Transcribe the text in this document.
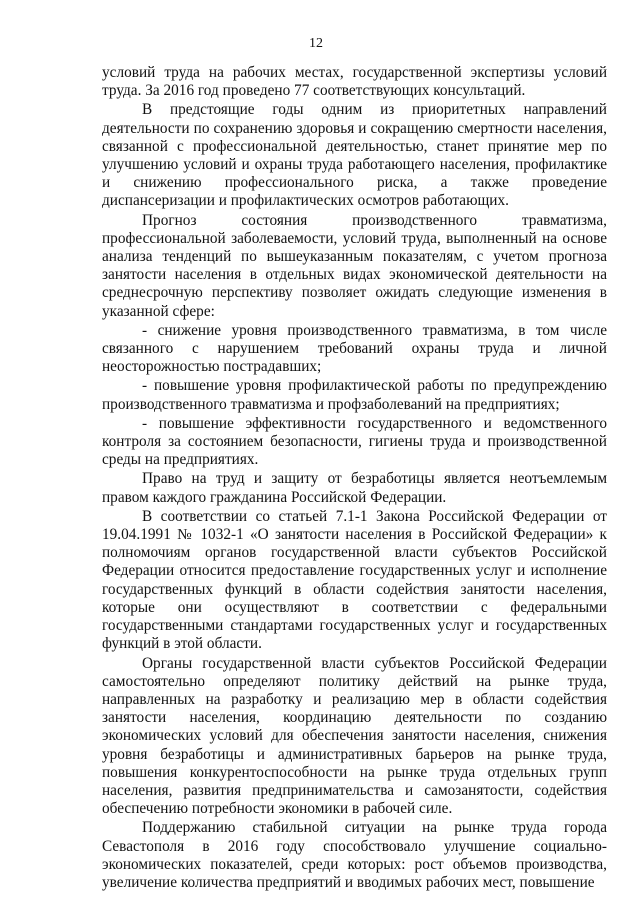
12

условий труда на рабочих местах, государственной экспертизы условий труда. За 2016 год проведено 77 соответствующих консультаций.

В предстоящие годы одним из приоритетных направлений деятельности по сохранению здоровья и сокращению смертности населения, связанной с профессиональной деятельностью, станет принятие мер по улучшению условий и охраны труда работающего населения, профилактике и снижению профессионального риска, а также проведение диспансеризации и профилактических осмотров работающих.

Прогноз состояния производственного травматизма, профессиональной заболеваемости, условий труда, выполненный на основе анализа тенденций по вышеуказанным показателям, с учетом прогноза занятости населения в отдельных видах экономической деятельности на среднесрочную перспективу позволяет ожидать следующие изменения в указанной сфере:

- снижение уровня производственного травматизма, в том числе связанного с нарушением требований охраны труда и личной неосторожностью пострадавших;

- повышение уровня профилактической работы по предупреждению производственного травматизма и профзаболеваний на предприятиях;

- повышение эффективности государственного и ведомственного контроля за состоянием безопасности, гигиены труда и производственной среды на предприятиях.

Право на труд и защиту от безработицы является неотъемлемым правом каждого гражданина Российской Федерации.

В соответствии со статьей 7.1-1 Закона Российской Федерации от 19.04.1991 № 1032-1 «О занятости населения в Российской Федерации» к полномочиям органов государственной власти субъектов Российской Федерации относится предоставление государственных услуг и исполнение государственных функций в области содействия занятости населения, которые они осуществляют в соответствии с федеральными государственными стандартами государственных услуг и государственных функций в этой области.

Органы государственной власти субъектов Российской Федерации самостоятельно определяют политику действий на рынке труда, направленных на разработку и реализацию мер в области содействия занятости населения, координацию деятельности по созданию экономических условий для обеспечения занятости населения, снижения уровня безработицы и административных барьеров на рынке труда, повышения конкурентоспособности на рынке труда отдельных групп населения, развития предпринимательства и самозанятости, содействия обеспечению потребности экономики в рабочей силе.

Поддержанию стабильной ситуации на рынке труда города Севастополя в 2016 году способствовало улучшение социально-экономических показателей, среди которых: рост объемов производства, увеличение количества предприятий и вводимых рабочих мест, повышение
